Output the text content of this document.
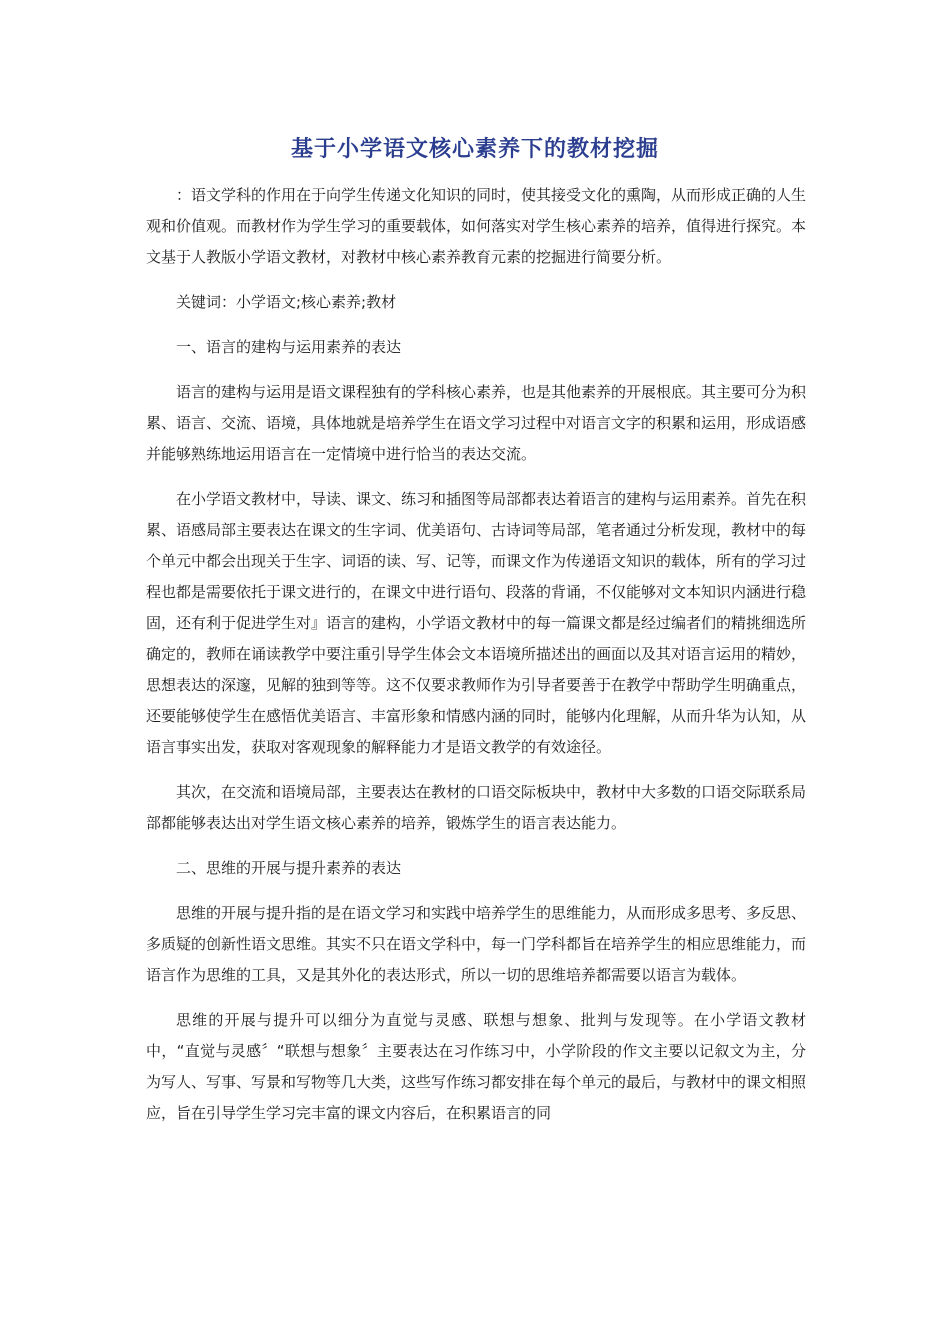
基于小学语文核心素养下的教材挖掘

：语文学科的作用在于向学生传递文化知识的同时，使其接受文化的熏陶，从而形成正确的人生观和价值观。而教材作为学生学习的重要载体，如何落实对学生核心素养的培养，值得进行探究。本文基于人教版小学语文教材，对教材中核心素养教育元素的挖掘进行简要分析。

关键词：小学语文;核心素养;教材

一、语言的建构与运用素养的表达

语言的建构与运用是语文课程独有的学科核心素养，也是其他素养的开展根底。其主要可分为积累、语言、交流、语境，具体地就是培养学生在语文学习过程中对语言文字的积累和运用，形成语感并能够熟练地运用语言在一定情境中进行恰当的表达交流。

在小学语文教材中，导读、课文、练习和插图等局部都表达着语言的建构与运用素养。首先在积累、语感局部主要表达在课文的生字词、优美语句、古诗词等局部，笔者通过分析发现，教材中的每个单元中都会出现关于生字、词语的读、写、记等，而课文作为传递语文知识的载体，所有的学习过程也都是需要依托于课文进行的，在课文中进行语句、段落的背诵，不仅能够对文本知识内涵进行稳固，还有利于促进学生对』语言的建构，小学语文教材中的每一篇课文都是经过编者们的精挑细选所确定的，教师在诵读教学中要注重引导学生体会文本语境所描述出的画面以及其对语言运用的精妙，思想表达的深邃，见解的独到等等。这不仅要求教师作为引导者要善于在教学中帮助学生明确重点，还要能够使学生在感悟优美语言、丰富形象和情感内涵的同时，能够内化理解，从而升华为认知，从语言事实出发，获取对客观现象的解释能力才是语文教学的有效途径。

其次，在交流和语境局部，主要表达在教材的口语交际板块中，教材中大多数的口语交际联系局部都能够表达出对学生语文核心素养的培养，锻炼学生的语言表达能力。

二、思维的开展与提升素养的表达

思维的开展与提升指的是在语文学习和实践中培养学生的思维能力，从而形成多思考、多反思、多质疑的创新性语文思维。其实不只在语文学科中，每一门学科都旨在培养学生的相应思维能力，而语言作为思维的工具，又是其外化的表达形式，所以一切的思维培养都需要以语言为载体。

思维的开展与提升可以细分为直觉与灵感、联想与想象、批判与发现等。在小学语文教材中，“直觉与灵感〞“联想与想象〞主要表达在习作练习中，小学阶段的作文主要以记叙文为主，分为写人、写事、写景和写物等几大类，这些写作练习都安排在每个单元的最后，与教材中的课文相照应，旨在引导学生学习完丰富的课文内容后，在积累语言的同
